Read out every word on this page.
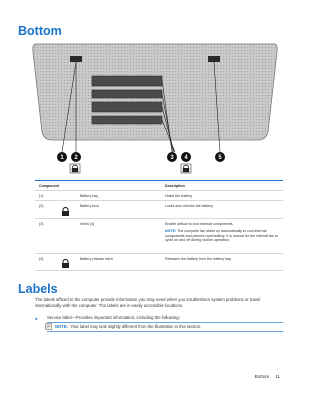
Bottom
1 2	3 4	5
Component	Description
(1)	Battery bay	Holds the battery.
(2)	Battery lock	Locks and unlocks the battery.
(3)	Vents (4)	Enable airflow to cool internal components.
NOTE: The computer fan starts up automatically to cool internal components and prevent overheating. It is normal for the internal fan to cycle on and off during routine operation.
(4)	Battery release latch	Releases the battery from the battery bay.
Labels

The labels affixed to the computer provide information you may need when you troubleshoot system problems or travel internationally with the computer. The labels are in easily accessible locations.

● Service label—Provides important information, including the following:

NOTE: Your label may look slightly different from the illustration in this section.
Bottom 11
